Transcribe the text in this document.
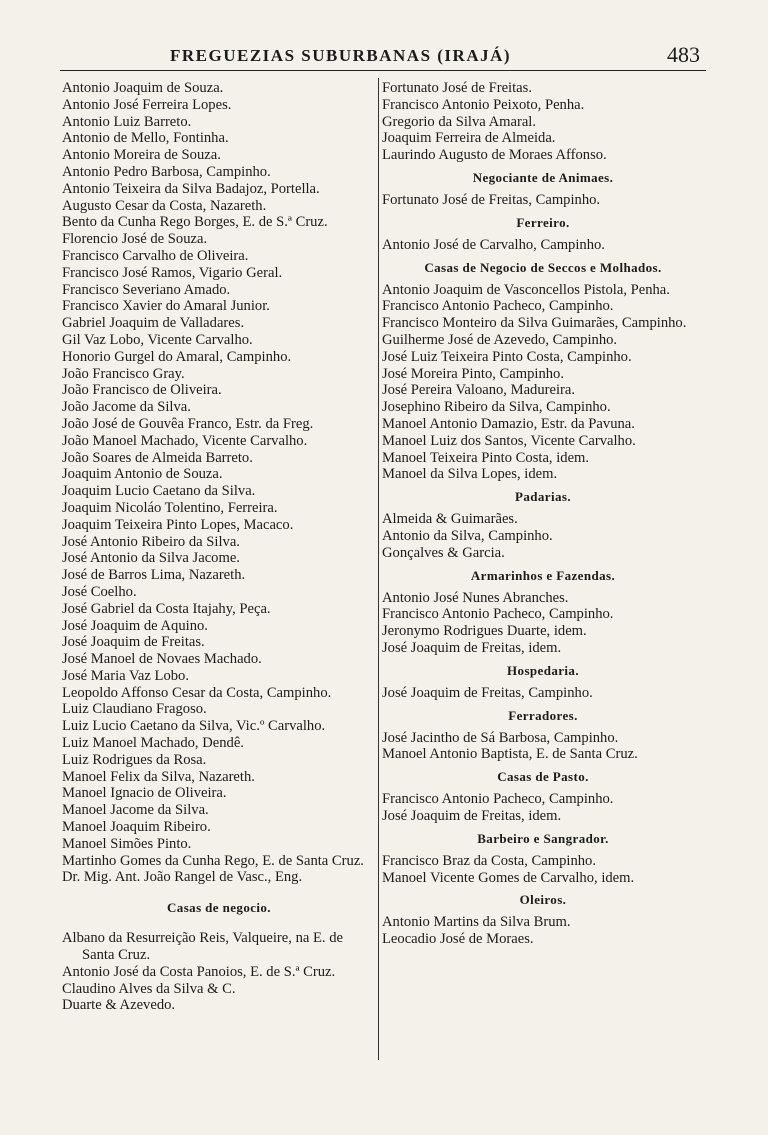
FREGUEZIAS SUBURBANAS (IRAJÁ)	483
Antonio Joaquim de Souza.
Antonio José Ferreira Lopes.
Antonio Luiz Barreto.
Antonio de Mello, Fontinha.
Antonio Moreira de Souza.
Antonio Pedro Barbosa, Campinho.
Antonio Teixeira da Silva Badajoz, Portella.
Augusto Cesar da Costa, Nazareth.
Bento da Cunha Rego Borges, E. de S.ª Cruz.
Florencio José de Souza.
Francisco Carvalho de Oliveira.
Francisco José Ramos, Vigario Geral.
Francisco Severiano Amado.
Francisco Xavier do Amaral Junior.
Gabriel Joaquim de Valladares.
Gil Vaz Lobo, Vicente Carvalho.
Honorio Gurgel do Amaral, Campinho.
João Francisco Gray.
João Francisco de Oliveira.
João Jacome da Silva.
João José de Gouvêa Franco, Estr. da Freg.
João Manoel Machado, Vicente Carvalho.
João Soares de Almeida Barreto.
Joaquim Antonio de Souza.
Joaquim Lucio Caetano da Silva.
Joaquim Nicoláo Tolentino, Ferreira.
Joaquim Teixeira Pinto Lopes, Macaco.
José Antonio Ribeiro da Silva.
José Antonio da Silva Jacome.
José de Barros Lima, Nazareth.
José Coelho.
José Gabriel da Costa Itajahy, Peça.
José Joaquim de Aquino.
José Joaquim de Freitas.
José Manoel de Novaes Machado.
José Maria Vaz Lobo.
Leopoldo Affonso Cesar da Costa, Campinho.
Luiz Claudiano Fragoso.
Luiz Lucio Caetano da Silva, Vic.º Carvalho.
Luiz Manoel Machado, Dendê.
Luiz Rodrigues da Rosa.
Manoel Felix da Silva, Nazareth.
Manoel Ignacio de Oliveira.
Manoel Jacome da Silva.
Manoel Joaquim Ribeiro.
Manoel Simões Pinto.
Martinho Gomes da Cunha Rego, E. de Santa Cruz.
Dr. Mig. Ant. João Rangel de Vasc., Eng.
Casas de negocio.
Albano da Resurreição Reis, Valqueire, na E. de Santa Cruz.
Antonio José da Costa Panoios, E. de S.ª Cruz.
Claudino Alves da Silva & C.
Duarte & Azevedo.
Fortunato José de Freitas.
Francisco Antonio Peixoto, Penha.
Gregorio da Silva Amaral.
Joaquim Ferreira de Almeida.
Laurindo Augusto de Moraes Affonso.
Negociante de Animaes.
Fortunato José de Freitas, Campinho.
Ferreiro.
Antonio José de Carvalho, Campinho.
Casas de Negocio de Seccos e Molhados.
Antonio Joaquim de Vasconcellos Pistola, Penha.
Francisco Antonio Pacheco, Campinho.
Francisco Monteiro da Silva Guimarães, Campinho.
Guilherme José de Azevedo, Campinho.
José Luiz Teixeira Pinto Costa, Campinho.
José Moreira Pinto, Campinho.
José Pereira Valoano, Madureira.
Josephino Ribeiro da Silva, Campinho.
Manoel Antonio Damazio, Estr. da Pavuna.
Manoel Luiz dos Santos, Vicente Carvalho.
Manoel Teixeira Pinto Costa, idem.
Manoel da Silva Lopes, idem.
Padarias.
Almeida & Guimarães.
Antonio da Silva, Campinho.
Gonçalves & Garcia.
Armarinhos e Fazendas.
Antonio José Nunes Abranches.
Francisco Antonio Pacheco, Campinho.
Jeronymo Rodrigues Duarte, idem.
José Joaquim de Freitas, idem.
Hospedaria.
José Joaquim de Freitas, Campinho.
Ferradores.
José Jacintho de Sá Barbosa, Campinho.
Manoel Antonio Baptista, E. de Santa Cruz.
Casas de Pasto.
Francisco Antonio Pacheco, Campinho.
José Joaquim de Freitas, idem.
Barbeiro e Sangrador.
Francisco Braz da Costa, Campinho.
Manoel Vicente Gomes de Carvalho, idem.
Oleiros.
Antonio Martins da Silva Brum.
Leocadio José de Moraes.
